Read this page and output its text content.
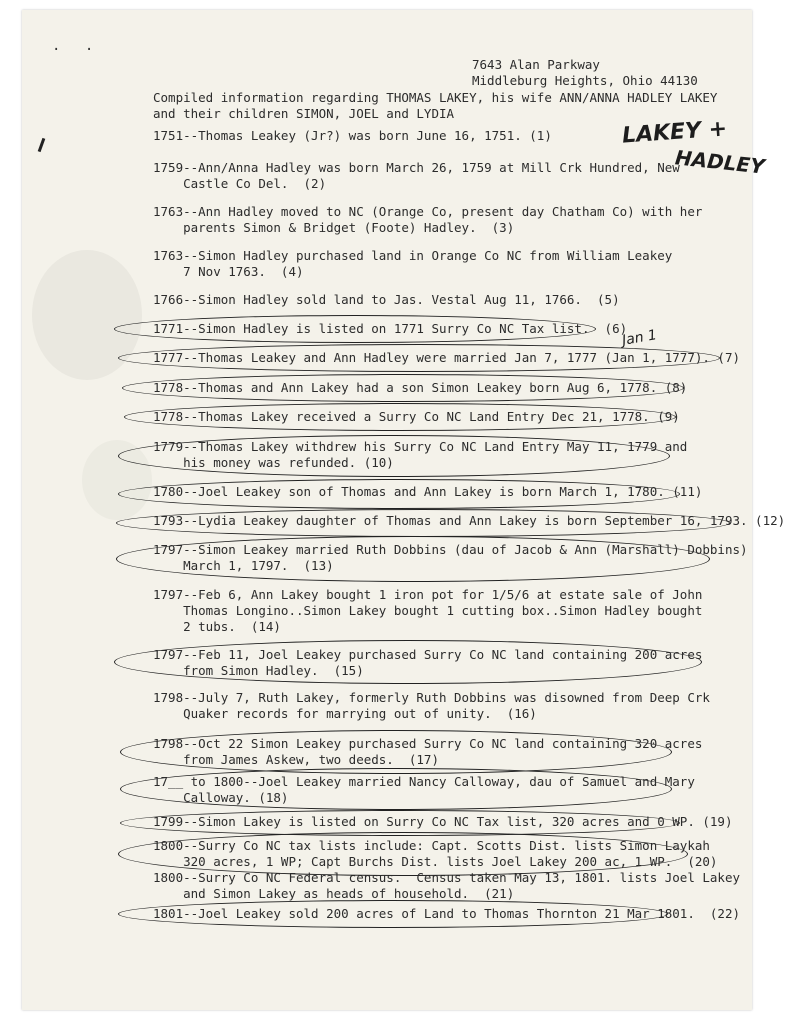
. .
7643 Alan Parkway
Middleburg Heights, Ohio 44130
Compiled information regarding THOMAS LAKEY, his wife ANN/ANNA HADLEY LAKEY
and their children SIMON, JOEL and LYDIA
LAKEY +
HADLEY
Jan 1
1751--Thomas Leakey (Jr?) was born June 16, 1751. (1)
1759--Ann/Anna Hadley was born March 26, 1759 at Mill Crk Hundred, New
Castle Co Del.  (2)
1763--Ann Hadley moved to NC (Orange Co, present day Chatham Co) with her
parents Simon & Bridget (Foote) Hadley.  (3)
1763--Simon Hadley purchased land in Orange Co NC from William Leakey
7 Nov 1763.  (4)
1766--Simon Hadley sold land to Jas. Vestal Aug 11, 1766.  (5)
1771--Simon Hadley is listed on 1771 Surry Co NC Tax list.  (6)
1777--Thomas Leakey and Ann Hadley were married Jan 7, 1777 (Jan 1, 1777). (7)
1778--Thomas and Ann Lakey had a son Simon Leakey born Aug 6, 1778. (8)
1778--Thomas Lakey received a Surry Co NC Land Entry Dec 21, 1778. (9)
1779--Thomas Lakey withdrew his Surry Co NC Land Entry May 11, 1779 and
his money was refunded. (10)
1780--Joel Leakey son of Thomas and Ann Lakey is born March 1, 1780. (11)
1793--Lydia Leakey daughter of Thomas and Ann Lakey is born September 16, 1793. (12)
1797--Simon Leakey married Ruth Dobbins (dau of Jacob & Ann (Marshall) Dobbins)
March 1, 1797.  (13)
1797--Feb 6, Ann Lakey bought 1 iron pot for 1/5/6 at estate sale of John
Thomas Longino..Simon Lakey bought 1 cutting box..Simon Hadley bought
2 tubs.  (14)
1797--Feb 11, Joel Leakey purchased Surry Co NC land containing 200 acres
from Simon Hadley.  (15)
1798--July 7, Ruth Lakey, formerly Ruth Dobbins was disowned from Deep Crk
Quaker records for marrying out of unity.  (16)
1798--Oct 22 Simon Leakey purchased Surry Co NC land containing 320 acres
from James Askew, two deeds.  (17)
17__ to 1800--Joel Leakey married Nancy Calloway, dau of Samuel and Mary
Calloway. (18)
1799--Simon Lakey is listed on Surry Co NC Tax list, 320 acres and 0 WP. (19)
1800--Surry Co NC tax lists include: Capt. Scotts Dist. lists Simon Laykah
320 acres, 1 WP; Capt Burchs Dist. lists Joel Lakey 200 ac, 1 WP.  (20)
1800--Surry Co NC Federal census.  Census taken May 13, 1801. lists Joel Lakey
and Simon Lakey as heads of household.  (21)
1801--Joel Leakey sold 200 acres of Land to Thomas Thornton 21 Mar 1801.  (22)
